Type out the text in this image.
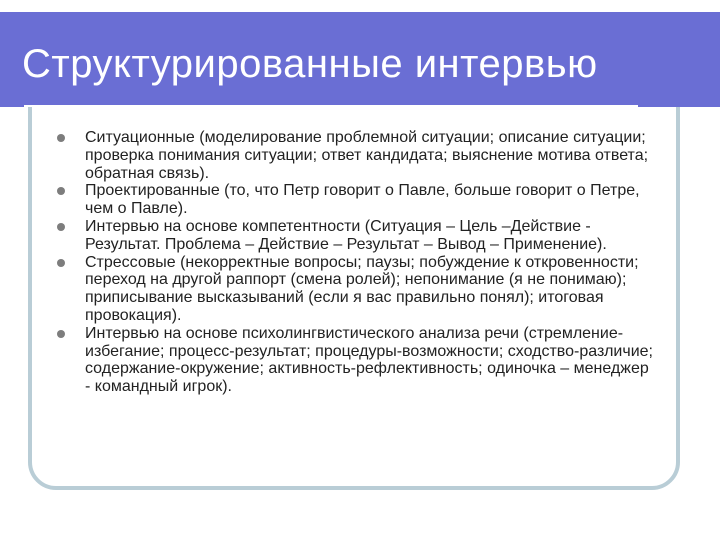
Структурированные интервью
Ситуационные (моделирование проблемной ситуации; описание ситуации; проверка понимания ситуации; ответ кандидата; выяснение мотива ответа; обратная связь).
Проектированные (то, что Петр говорит о Павле, больше говорит о Петре, чем о Павле).
Интервью на основе компетентности (Ситуация – Цель –Действие - Результат. Проблема – Действие – Результат – Вывод – Применение).
Стрессовые (некорректные вопросы; паузы; побуждение к откровенности; переход на другой раппорт (смена ролей); непонимание (я не понимаю); приписывание высказываний (если я вас правильно понял); итоговая провокация).
Интервью на основе психолингвистического анализа речи (стремление-избегание; процесс-результат; процедуры-возможности; сходство-различие; содержание-окружение; активность-рефлективность; одиночка – менеджер - командный игрок).
